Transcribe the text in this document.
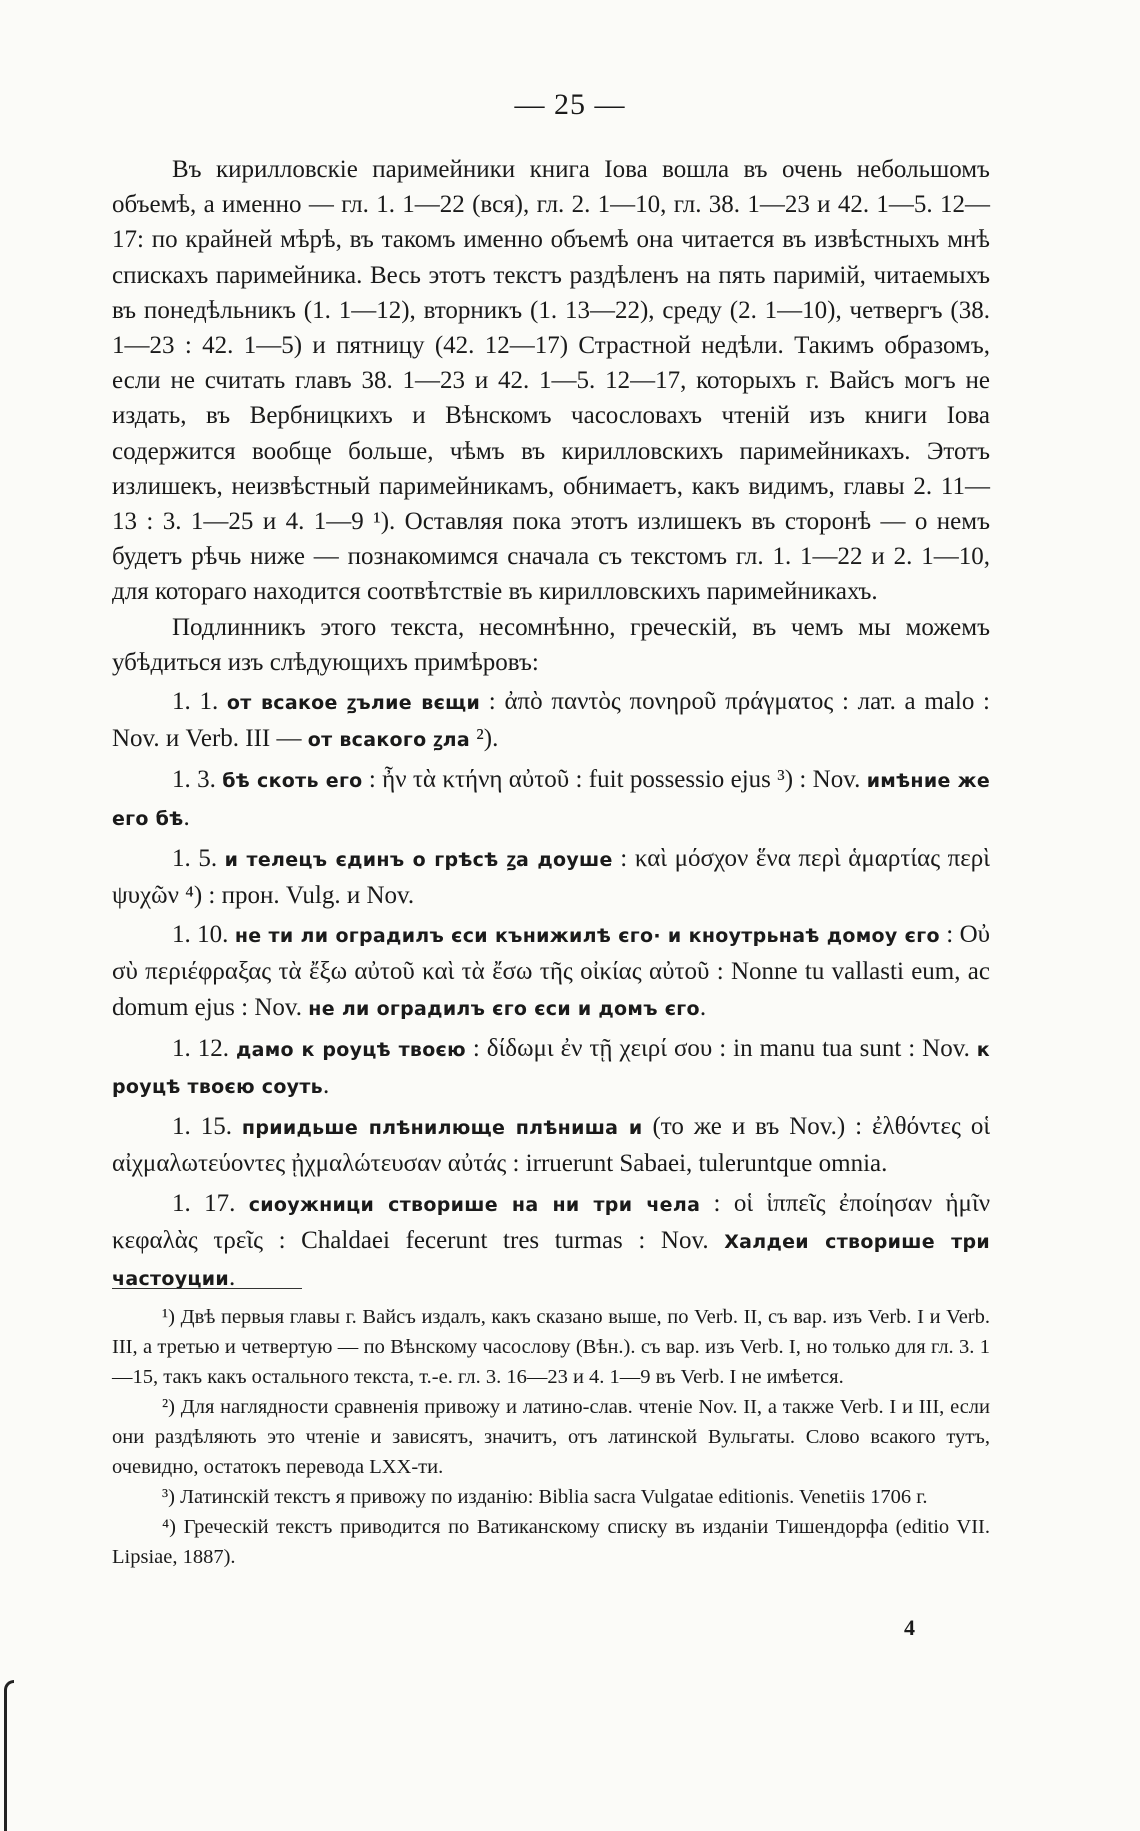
— 25 —

Въ кирилловскіе паримейники книга Іова вошла въ очень небольшомъ объемѣ, а именно — гл. 1. 1—22 (вся), гл. 2. 1—10, гл. 38. 1—23 и 42. 1—5. 12—17: по крайней мѣрѣ, въ такомъ именно объемѣ она читается въ извѣстныхъ мнѣ спискахъ паримейника. Весь этотъ текстъ раздѣленъ на пять паримій, читаемыхъ въ понедѣльникъ (1. 1—12), вторникъ (1. 13—22), среду (2. 1—10), четвергъ (38. 1—23 : 42. 1—5) и пятницу (42. 12—17) Страстной недѣли. Такимъ образомъ, если не считать главъ 38. 1—23 и 42. 1—5. 12—17, которыхъ г. Вайсъ могъ не издать, въ Вербницкихъ и Вѣнскомъ часословахъ чтеній изъ книги Іова содержится вообще больше, чѣмъ въ кирилловскихъ паримейникахъ. Этотъ излишекъ, неизвѣстный паримейникамъ, обнимаетъ, какъ видимъ, главы 2. 11—13 : 3. 1—25 и 4. 1—9 ¹). Оставляя пока этотъ излишекъ въ сторонѣ — о немъ будетъ рѣчь ниже — познакомимся сначала съ текстомъ гл. 1. 1—22 и 2. 1—10, для котораго находится соотвѣтствіе въ кирилловскихъ паримейникахъ.

Подлинникъ этого текста, несомнѣнно, греческій, въ чемъ мы можемъ убѣдиться изъ слѣдующихъ примѣровъ:

1. 1. от всакое ꙁълие вєщи : ἀπὸ παντὸς πονηροῦ πράγματος : лат. a malo : Nov. и Verb. III — от всакого ꙁла ²).

1. 3. бѣ скоть его : ἦν τὰ κτήνη αὐτοῦ : fuit possessio ejus ³) : Nov. имѣние же его бѣ.

1. 5. и телецъ єдинъ о грѣсѣ ꙁа доуше : καὶ μόσχον ἕνα περὶ ἁμαρτίας περὶ ψυχῶν ⁴) : прон. Vulg. и Nov.

1. 10. не ти ли оградилъ єси кънижилѣ єго· и кноутрьнаѣ домоу єго : Οὐ σὺ περιέφραξας τὰ ἔξω αὐτοῦ καὶ τὰ ἔσω τῆς οἰκίας αὐτοῦ : Nonne tu vallasti eum, ac domum ejus : Nov. не ли оградилъ єго єси и домъ єго.

1. 12. дамо к роуцѣ твоєю : δίδωμι ἐν τῇ χειρί σου : in manu tua sunt : Nov. к роуцѣ твоєю соуть.

1. 15. приидьше плѣнилюще плѣниша и (то же и въ Nov.) : ἐλθόντες οἱ αἰχμαλωτεύοντες ᾐχμαλώτευσαν αὐτάς : irruerunt Sabaei, tuleruntque omnia.

1. 17. сиоужници створише на ни три чела : οἱ ἱππεῖς ἐποίησαν ἡμῖν κεφαλὰς τρεῖς : Chaldaei fecerunt tres turmas : Nov. Халдеи створише три частоуции.

¹) Двѣ первыя главы г. Вайсъ издалъ, какъ сказано выше, по Verb. II, съ вар. изъ Verb. I и Verb. III, а третью и четвертую — по Вѣнскому часослову (Вѣн.). съ вар. изъ Verb. I, но только для гл. 3. 1—15, такъ какъ остального текста, т.-е. гл. 3. 16—23 и 4. 1—9 въ Verb. I не имѣется.

²) Для наглядности сравненія привожу и латино-слав. чтеніе Nov. II, а также Verb. I и III, если они раздѣляють это чтеніе и зависятъ, значитъ, отъ латинской Вульгаты. Слово всакого тутъ, очевидно, остатокъ перевода LXX-ти.

³) Латинскій текстъ я привожу по изданію: Biblia sacra Vulgatae editionis. Venetiis 1706 г.

⁴) Греческій текстъ приводится по Ватиканскому списку въ изданіи Тишендорфа (editio VII. Lipsiae, 1887).

4
